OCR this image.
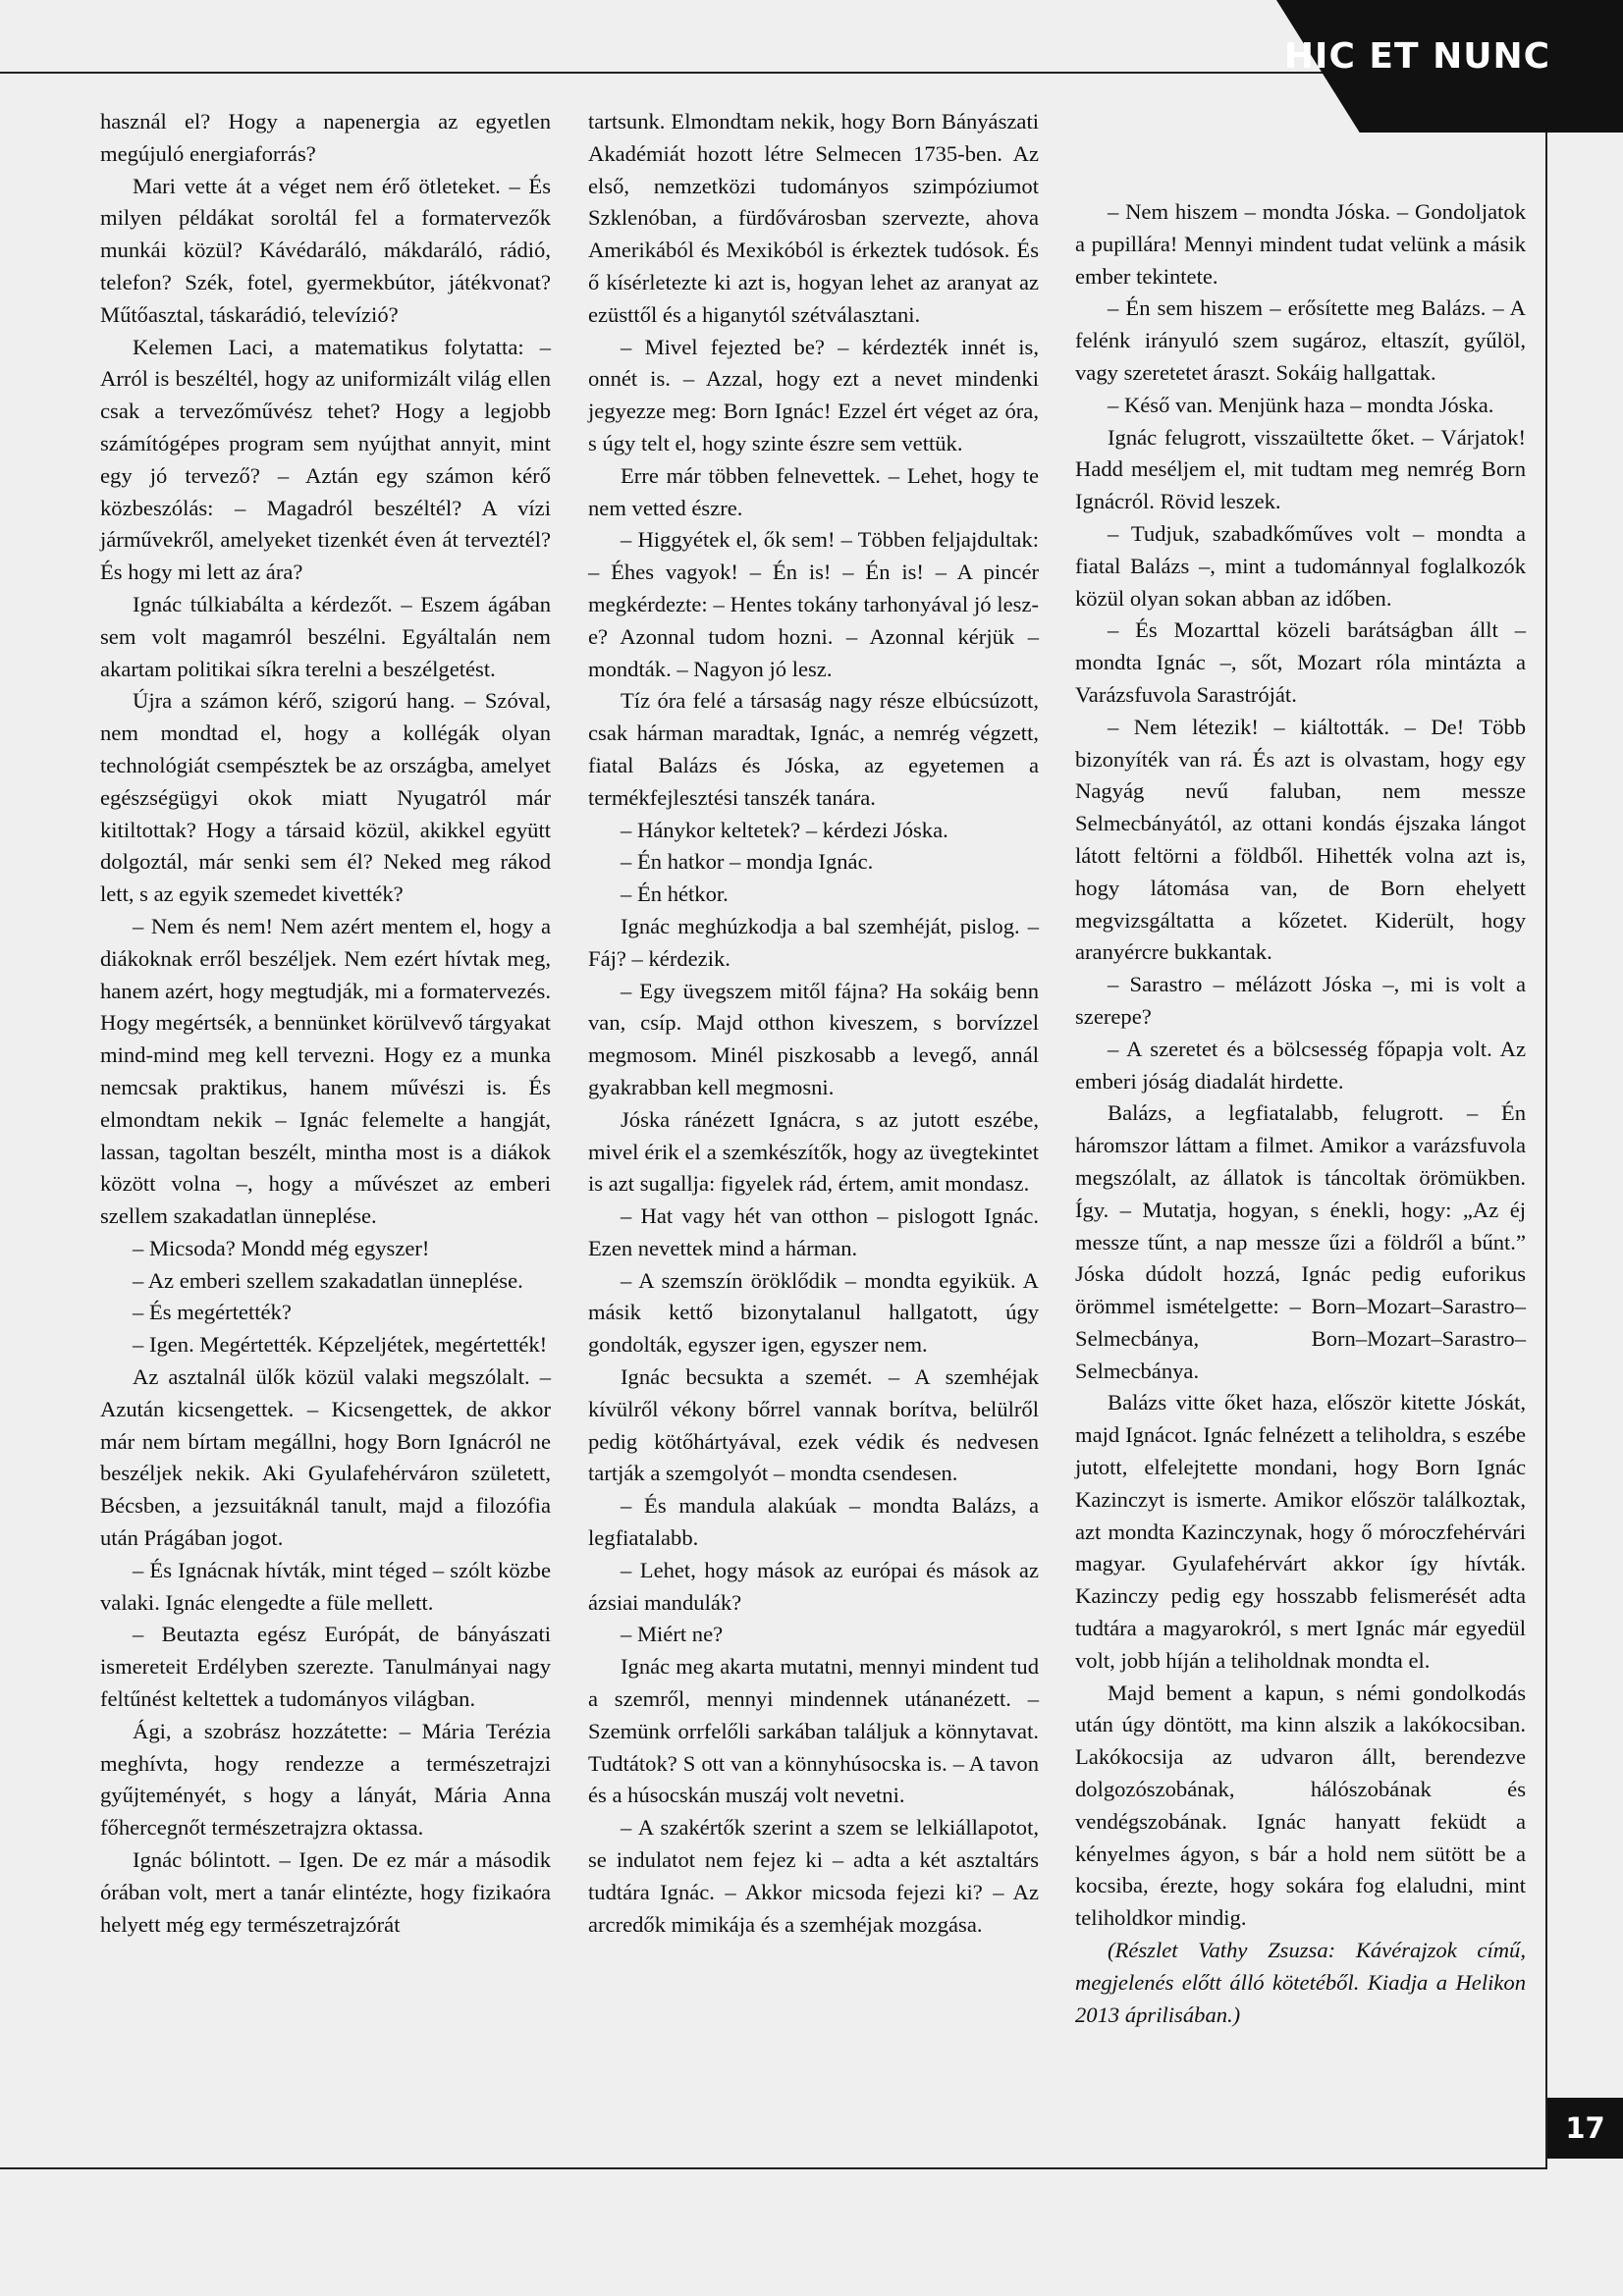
HIC ET NUNC

használ el? Hogy a napenergia az egyetlen megújuló energiaforrás?

Mari vette át a véget nem érő ötleteket. – És milyen példákat soroltál fel a formatervezők munkái közül? Kávédaráló, mákdaráló, rádió, telefon? Szék, fotel, gyermekbútor, játékvonat? Műtőasztal, táskarádió, televízió?

Kelemen Laci, a matematikus folytatta: – Arról is beszéltél, hogy az uniformizált világ ellen csak a tervezőművész tehet? Hogy a legjobb számítógépes program sem nyújthat annyit, mint egy jó tervező? – Aztán egy számon kérő közbeszólás: – Magadról beszéltél? A vízi járművekről, amelyeket tizenkét éven át terveztél? És hogy mi lett az ára?

Ignác túlkiabálta a kérdezőt. – Eszem ágában sem volt magamról beszélni. Egyáltalán nem akartam politikai síkra terelni a beszélgetést.

Újra a számon kérő, szigorú hang. – Szóval, nem mondtad el, hogy a kollégák olyan technológiát csempésztek be az országba, amelyet egészségügyi okok miatt Nyugatról már kitiltottak? Hogy a társaid közül, akikkel együtt dolgoztál, már senki sem él? Neked meg rákod lett, s az egyik szemedet kivették?

– Nem és nem! Nem azért mentem el, hogy a diákoknak erről beszéljek. Nem ezért hívtak meg, hanem azért, hogy megtudják, mi a formatervezés. Hogy megértsék, a bennünket körülvevő tárgyakat mind-mind meg kell tervezni. Hogy ez a munka nemcsak praktikus, hanem művészi is. És elmondtam nekik – Ignác felemelte a hangját, lassan, tagoltan beszélt, mintha most is a diákok között volna –, hogy a művészet az emberi szellem szakadatlan ünneplése.

– Micsoda? Mondd még egyszer!

– Az emberi szellem szakadatlan ünneplése.

– És megértették?

– Igen. Megértették. Képzeljétek, megértették!

Az asztalnál ülők közül valaki megszólalt. – Azután kicsengettek. – Kicsengettek, de akkor már nem bírtam megállni, hogy Born Ignácról ne beszéljek nekik. Aki Gyulafehérváron született, Bécsben, a jezsuitáknál tanult, majd a filozófia után Prágában jogot.

– És Ignácnak hívták, mint téged – szólt közbe valaki. Ignác elengedte a füle mellett.

– Beutazta egész Európát, de bányászati ismereteit Erdélyben szerezte. Tanulmányai nagy feltűnést keltettek a tudományos világban.

Ági, a szobrász hozzátette: – Mária Terézia meghívta, hogy rendezze a természetrajzi gyűjteményét, s hogy a lányát, Mária Anna főhercegnőt természetrajzra oktassa.

Ignác bólintott. – Igen. De ez már a második órában volt, mert a tanár elintézte, hogy fizikaóra helyett még egy természetrajzórát

tartsunk. Elmondtam nekik, hogy Born Bányászati Akadémiát hozott létre Selmecen 1735-ben. Az első, nemzetközi tudományos szimpóziumot Szklenóban, a fürdővárosban szervezte, ahova Amerikából és Mexikóból is érkeztek tudósok. És ő kísérletezte ki azt is, hogyan lehet az aranyat az ezüsttől és a higanytól szétválasztani.

– Mivel fejezted be? – kérdezték innét is, onnét is. – Azzal, hogy ezt a nevet mindenki jegyezze meg: Born Ignác! Ezzel ért véget az óra, s úgy telt el, hogy szinte észre sem vettük.

Erre már többen felnevettek. – Lehet, hogy te nem vetted észre.

– Higgyétek el, ők sem! – Többen feljajdultak: – Éhes vagyok! – Én is! – Én is! – A pincér megkérdezte: – Hentes tokány tarhonyával jó lesz-e? Azonnal tudom hozni. – Azonnal kérjük – mondták. – Nagyon jó lesz.

Tíz óra felé a társaság nagy része elbúcsúzott, csak hárman maradtak, Ignác, a nemrég végzett, fiatal Balázs és Jóska, az egyetemen a termékfejlesztési tanszék tanára.

– Hánykor keltetek? – kérdezi Jóska.

– Én hatkor – mondja Ignác.

– Én hétkor.

Ignác meghúzkodja a bal szemhéját, pislog. – Fáj? – kérdezik.

– Egy üvegszem mitől fájna? Ha sokáig benn van, csíp. Majd otthon kiveszem, s borvízzel megmosom. Minél piszkosabb a levegő, annál gyakrabban kell megmosni.

Jóska ránézett Ignácra, s az jutott eszébe, mivel érik el a szemkészítők, hogy az üvegtekintet is azt sugallja: figyelek rád, értem, amit mondasz.

– Hat vagy hét van otthon – pislogott Ignác. Ezen nevettek mind a hárman.

– A szemszín öröklődik – mondta egyikük. A másik kettő bizonytalanul hallgatott, úgy gondolták, egyszer igen, egyszer nem.

Ignác becsukta a szemét. – A szemhéjak kívülről vékony bőrrel vannak borítva, belülről pedig kötőhártyával, ezek védik és nedvesen tartják a szemgolyót – mondta csendesen.

– És mandula alakúak – mondta Balázs, a legfiatalabb.

– Lehet, hogy mások az európai és mások az ázsiai mandulák?

– Miért ne?

Ignác meg akarta mutatni, mennyi mindent tud a szemről, mennyi mindennek utánanézett. – Szemünk orrfelőli sarkában találjuk a könnytavat. Tudtátok? S ott van a könnyhúsocska is. – A tavon és a húsocskán muszáj volt nevetni.

– A szakértők szerint a szem se lelkiállapotot, se indulatot nem fejez ki – adta a két asztaltárs tudtára Ignác. – Akkor micsoda fejezi ki? – Az arcredők mimikája és a szemhéjak mozgása.

– Nem hiszem – mondta Jóska. – Gondoljatok a pupillára! Mennyi mindent tudat velünk a másik ember tekintete.

– Én sem hiszem – erősítette meg Balázs. – A felénk irányuló szem sugároz, eltaszít, gyűlöl, vagy szeretetet áraszt. Sokáig hallgattak.

– Késő van. Menjünk haza – mondta Jóska.

Ignác felugrott, visszaültette őket. – Várjatok! Hadd meséljem el, mit tudtam meg nemrég Born Ignácról. Rövid leszek.

– Tudjuk, szabadkőműves volt – mondta a fiatal Balázs –, mint a tudománnyal foglalkozók közül olyan sokan abban az időben.

– És Mozarttal közeli barátságban állt – mondta Ignác –, sőt, Mozart róla mintázta a Varázsfuvola Sarastróját.

– Nem létezik! – kiáltották. – De! Több bizonyíték van rá. És azt is olvastam, hogy egy Nagyág nevű faluban, nem messze Selmecbányától, az ottani kondás éjszaka lángot látott feltörni a földből. Hihették volna azt is, hogy látomása van, de Born ehelyett megvizsgáltatta a kőzetet. Kiderült, hogy aranyércre bukkantak.

– Sarastro – mélázott Jóska –, mi is volt a szerepe?

– A szeretet és a bölcsesség főpapja volt. Az emberi jóság diadalát hirdette.

Balázs, a legfiatalabb, felugrott. – Én háromszor láttam a filmet. Amikor a varázsfuvola megszólalt, az állatok is táncoltak örömükben. Így. – Mutatja, hogyan, s énekli, hogy: „Az éj messze tűnt, a nap messze űzi a földről a bűnt.” Jóska dúdolt hozzá, Ignác pedig euforikus örömmel ismételgette: – Born–Mozart–Sarastro–Selmecbánya, Born–Mozart–Sarastro–Selmecbánya.

Balázs vitte őket haza, először kitette Jóskát, majd Ignácot. Ignác felnézett a teliholdra, s eszébe jutott, elfelejtette mondani, hogy Born Ignác Kazinczyt is ismerte. Amikor először találkoztak, azt mondta Kazinczynak, hogy ő móroczfehérvári magyar. Gyulafehérvárt akkor így hívták. Kazinczy pedig egy hosszabb felismerését adta tudtára a magyarokról, s mert Ignác már egyedül volt, jobb híján a teliholdnak mondta el.

Majd bement a kapun, s némi gondolkodás után úgy döntött, ma kinn alszik a lakókocsiban. Lakókocsija az udvaron állt, berendezve dolgozószobának, hálószobának és vendégszobának. Ignác hanyatt feküdt a kényelmes ágyon, s bár a hold nem sütött be a kocsiba, érezte, hogy sokára fog elaludni, mint teliholdkor mindig.

(Részlet Vathy Zsuzsa: Kávérajzok című, megjelenés előtt álló kötetéből. Kiadja a Helikon 2013 áprilisában.)

17
